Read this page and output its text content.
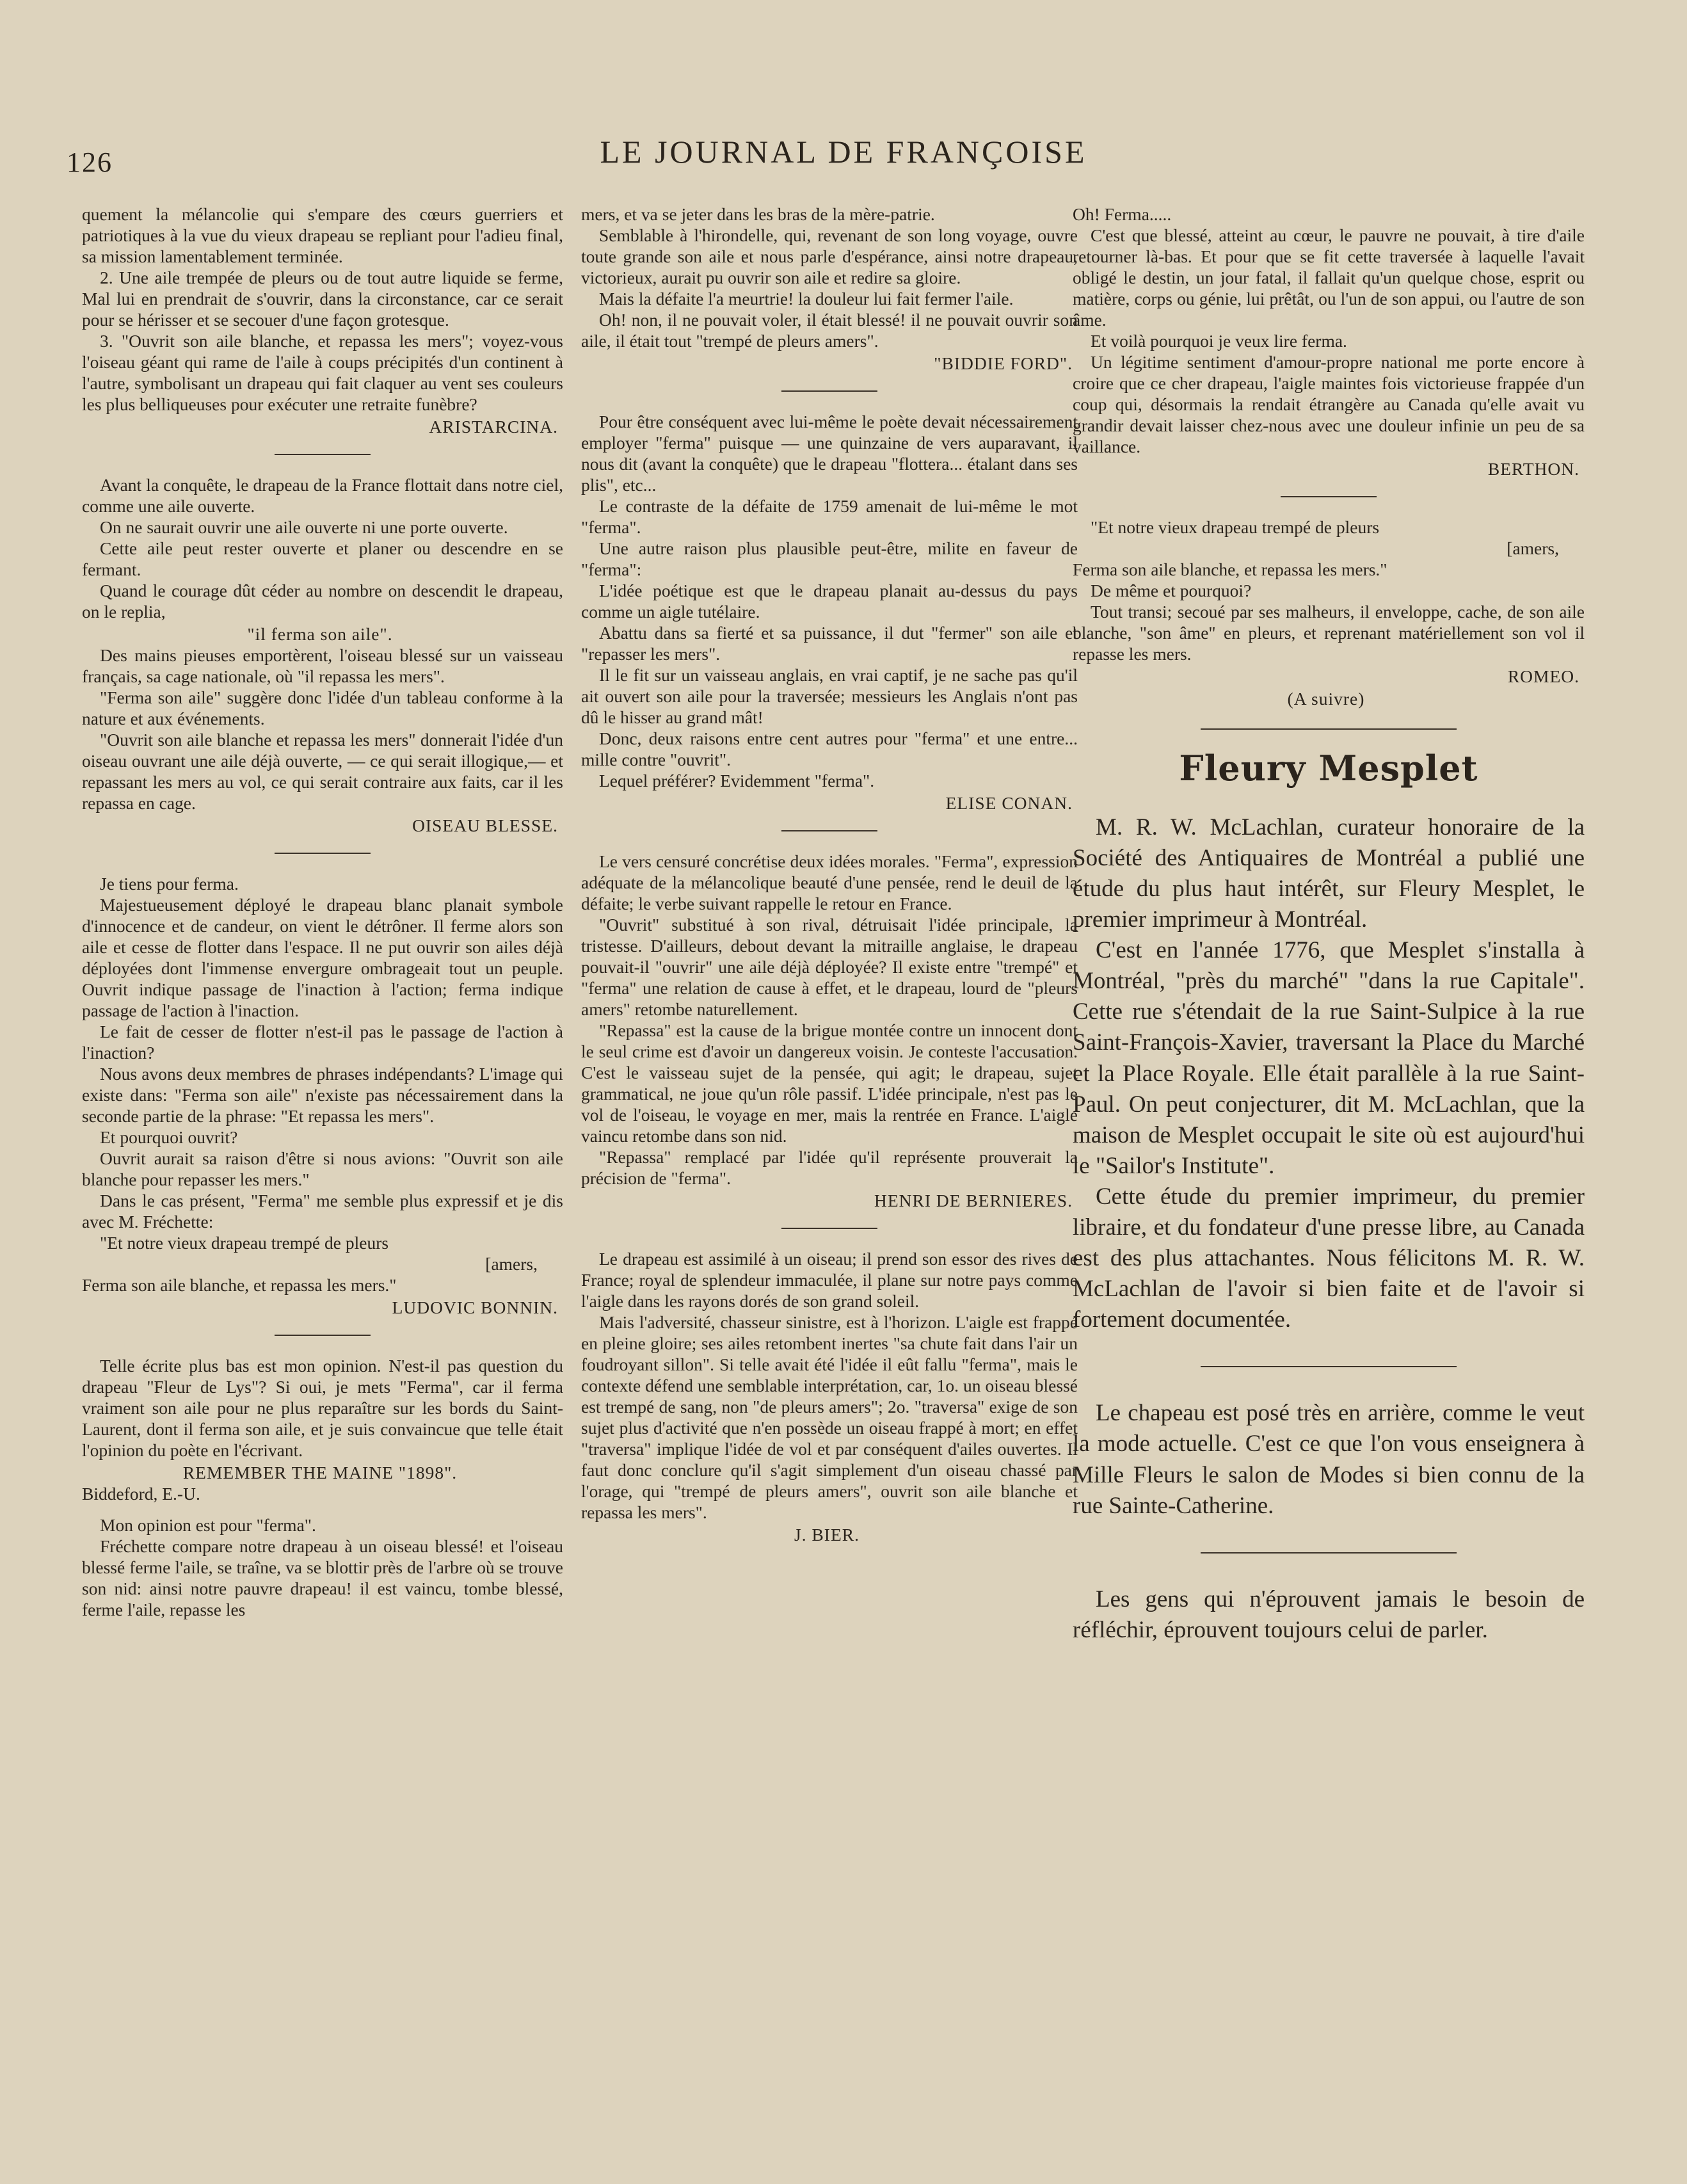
126	LE JOURNAL DE FRANÇOISE

quement la mélancolie qui s'empare des cœurs guerriers et patriotiques à la vue du vieux drapeau se repliant pour l'adieu final, sa mission lamentablement terminée.

2. Une aile trempée de pleurs ou de tout autre liquide se ferme, Mal lui en prendrait de s'ouvrir, dans la circonstance, car ce serait pour se hérisser et se secouer d'une façon grotesque.

3. "Ouvrit son aile blanche, et repassa les mers"; voyez-vous l'oiseau géant qui rame de l'aile à coups précipités d'un continent à l'autre, symbolisant un drapeau qui fait claquer au vent ses couleurs les plus belliqueuses pour exécuter une retraite funèbre?

ARISTARCINA.

Avant la conquête, le drapeau de la France flottait dans notre ciel, comme une aile ouverte.

On ne saurait ouvrir une aile ouverte ni une porte ouverte.

Cette aile peut rester ouverte et planer ou descendre en se fermant.

Quand le courage dût céder au nombre on descendit le drapeau, on le replia,

"il ferma son aile".

Des mains pieuses emportèrent, l'oiseau blessé sur un vaisseau français, sa cage nationale, où "il repassa les mers".

"Ferma son aile" suggère donc l'idée d'un tableau conforme à la nature et aux événements.

"Ouvrit son aile blanche et repassa les mers" donnerait l'idée d'un oiseau ouvrant une aile déjà ouverte, — ce qui serait illogique,— et repassant les mers au vol, ce qui serait contraire aux faits, car il les repassa en cage.

OISEAU BLESSE.

Je tiens pour ferma.

Majestueusement déployé le drapeau blanc planait symbole d'innocence et de candeur, on vient le détrôner. Il ferme alors son aile et cesse de flotter dans l'espace. Il ne put ouvrir son ailes déjà déployées dont l'immense envergure ombrageait tout un peuple. Ouvrit indique passage de l'inaction à l'action; ferma indique passage de l'action à l'inaction.

Le fait de cesser de flotter n'est-il pas le passage de l'action à l'inaction?

Nous avons deux membres de phrases indépendants? L'image qui existe dans: "Ferma son aile" n'existe pas nécessairement dans la seconde partie de la phrase: "Et repassa les mers".

Et pourquoi ouvrit?

Ouvrit aurait sa raison d'être si nous avions: "Ouvrit son aile blanche pour repasser les mers."

Dans le cas présent, "Ferma" me semble plus expressif et je dis avec M. Fréchette:

"Et notre vieux drapeau trempé de pleurs
[amers,
Ferma son aile blanche, et repassa les mers."
LUDOVIC BONNIN.

Telle écrite plus bas est mon opinion. N'est-il pas question du drapeau "Fleur de Lys"? Si oui, je mets "Ferma", car il ferma vraiment son aile pour ne plus reparaître sur les bords du Saint-Laurent, dont il ferma son aile, et je suis convaincue que telle était l'opinion du poète en l'écrivant.

REMEMBER THE MAINE "1898".
Biddeford, E.-U.

Mon opinion est pour "ferma".

Fréchette compare notre drapeau à un oiseau blessé! et l'oiseau blessé ferme l'aile, se traîne, va se blottir près de l'arbre où se trouve son nid: ainsi notre pauvre drapeau! il est vaincu, tombe blessé, ferme l'aile, repasse les

mers, et va se jeter dans les bras de la mère-patrie.

Semblable à l'hirondelle, qui, revenant de son long voyage, ouvre toute grande son aile et nous parle d'espérance, ainsi notre drapeau, victorieux, aurait pu ouvrir son aile et redire sa gloire.

Mais la défaite l'a meurtrie! la douleur lui fait fermer l'aile.

Oh! non, il ne pouvait voler, il était blessé! il ne pouvait ouvrir son aile, il était tout "trempé de pleurs amers".

"BIDDIE FORD".

Pour être conséquent avec lui-même le poète devait nécessairement employer "ferma" puisque — une quinzaine de vers auparavant, il nous dit (avant la conquête) que le drapeau "flottera... étalant dans ses plis", etc...

Le contraste de la défaite de 1759 amenait de lui-même le mot "ferma".

Une autre raison plus plausible peut-être, milite en faveur de "ferma":

L'idée poétique est que le drapeau planait au-dessus du pays comme un aigle tutélaire.

Abattu dans sa fierté et sa puissance, il dut "fermer" son aile et "repasser les mers".

Il le fit sur un vaisseau anglais, en vrai captif, je ne sache pas qu'il ait ouvert son aile pour la traversée; messieurs les Anglais n'ont pas dû le hisser au grand mât!

Donc, deux raisons entre cent autres pour "ferma" et une entre... mille contre "ouvrit".

Lequel préférer? Evidemment "ferma".

ELISE CONAN.

Le vers censuré concrétise deux idées morales. "Ferma", expression adéquate de la mélancolique beauté d'une pensée, rend le deuil de la défaite; le verbe suivant rappelle le retour en France.

"Ouvrit" substitué à son rival, détruisait l'idée principale, la tristesse. D'ailleurs, debout devant la mitraille anglaise, le drapeau pouvait-il "ouvrir" une aile déjà déployée? Il existe entre "trempé" et "ferma" une relation de cause à effet, et le drapeau, lourd de "pleurs amers" retombe naturellement.

"Repassa" est la cause de la brigue montée contre un innocent dont le seul crime est d'avoir un dangereux voisin. Je conteste l'accusation. C'est le vaisseau sujet de la pensée, qui agit; le drapeau, sujet grammatical, ne joue qu'un rôle passif. L'idée principale, n'est pas le vol de l'oiseau, le voyage en mer, mais la rentrée en France. L'aigle vaincu retombe dans son nid.

"Repassa" remplacé par l'idée qu'il représente prouverait la précision de "ferma".

HENRI DE BERNIERES.

Le drapeau est assimilé à un oiseau; il prend son essor des rives de France; royal de splendeur immaculée, il plane sur notre pays comme l'aigle dans les rayons dorés de son grand soleil.

Mais l'adversité, chasseur sinistre, est à l'horizon. L'aigle est frappé en pleine gloire; ses ailes retombent inertes "sa chute fait dans l'air un foudroyant sillon". Si telle avait été l'idée il eût fallu "ferma", mais le contexte défend une semblable interprétation, car, 1o. un oiseau blessé est trempé de sang, non "de pleurs amers"; 2o. "traversa" exige de son sujet plus d'activité que n'en possède un oiseau frappé à mort; en effet "traversa" implique l'idée de vol et par conséquent d'ailes ouvertes. Il faut donc conclure qu'il s'agit simplement d'un oiseau chassé par l'orage, qui "trempé de pleurs amers", ouvrit son aile blanche et repassa les mers".

J. BIER.

Oh! Ferma.....

C'est que blessé, atteint au cœur, le pauvre ne pouvait, à tire d'aile retourner là-bas. Et pour que se fit cette traversée à laquelle l'avait obligé le destin, un jour fatal, il fallait qu'un quelque chose, esprit ou matière, corps ou génie, lui prêtât, ou l'un de son appui, ou l'autre de son âme.

Et voilà pourquoi je veux lire ferma.

Un légitime sentiment d'amour-propre national me porte encore à croire que ce cher drapeau, l'aigle maintes fois victorieuse frappée d'un coup qui, désormais la rendait étrangère au Canada qu'elle avait vu grandir devait laisser chez-nous avec une douleur infinie un peu de sa vaillance.

BERTHON.
"Et notre vieux drapeau trempé de pleurs
[amers,
Ferma son aile blanche, et repassa les mers."

De même et pourquoi?

Tout transi; secoué par ses malheurs, il enveloppe, cache, de son aile blanche, "son âme" en pleurs, et reprenant matériellement son vol il repasse les mers.

ROMEO.
(A suivre)
Fleury Mesplet

M. R. W. McLachlan, curateur honoraire de la Société des Antiquaires de Montréal a publié une étude du plus haut intérêt, sur Fleury Mesplet, le premier imprimeur à Montréal.

C'est en l'année 1776, que Mesplet s'installa à Montréal, "près du marché" "dans la rue Capitale". Cette rue s'étendait de la rue Saint-Sulpice à la rue Saint-François-Xavier, traversant la Place du Marché et la Place Royale. Elle était parallèle à la rue Saint-Paul. On peut conjecturer, dit M. McLachlan, que la maison de Mesplet occupait le site où est aujourd'hui le "Sailor's Institute".

Cette étude du premier imprimeur, du premier libraire, et du fondateur d'une presse libre, au Canada est des plus attachantes. Nous félicitons M. R. W. McLachlan de l'avoir si bien faite et de l'avoir si fortement documentée.

Le chapeau est posé très en arrière, comme le veut la mode actuelle. C'est ce que l'on vous enseignera à Mille Fleurs le salon de Modes si bien connu de la rue Sainte-Catherine.

Les gens qui n'éprouvent jamais le besoin de réfléchir, éprouvent toujours celui de parler.
